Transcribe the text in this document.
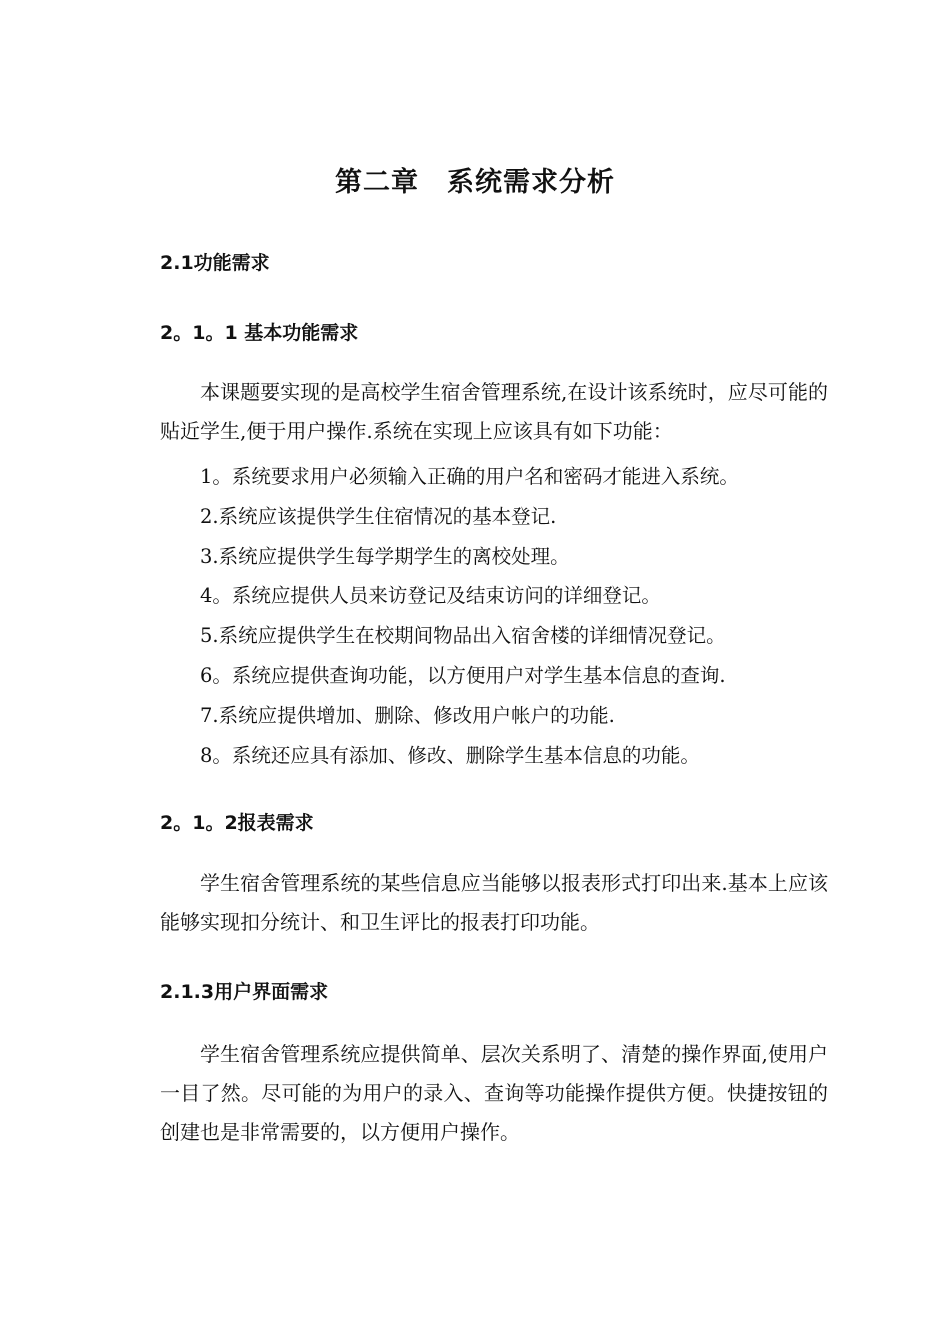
第二章　系统需求分析
2.1功能需求
2。1。1 基本功能需求

本课题要实现的是高校学生宿舍管理系统,在设计该系统时，应尽可能的贴近学生,便于用户操作.系统在实现上应该具有如下功能：

1。系统要求用户必须输入正确的用户名和密码才能进入系统。
2.系统应该提供学生住宿情况的基本登记.
3.系统应提供学生每学期学生的离校处理。
4。系统应提供人员来访登记及结束访问的详细登记。
5.系统应提供学生在校期间物品出入宿舍楼的详细情况登记。
6。系统应提供查询功能，以方便用户对学生基本信息的查询.
7.系统应提供增加、删除、修改用户帐户的功能.
8。系统还应具有添加、修改、删除学生基本信息的功能。
2。1。2报表需求

学生宿舍管理系统的某些信息应当能够以报表形式打印出来.基本上应该能够实现扣分统计、和卫生评比的报表打印功能。

2.1.3用户界面需求

学生宿舍管理系统应提供简单、层次关系明了、清楚的操作界面,使用户一目了然。尽可能的为用户的录入、查询等功能操作提供方便。快捷按钮的创建也是非常需要的，以方便用户操作。
